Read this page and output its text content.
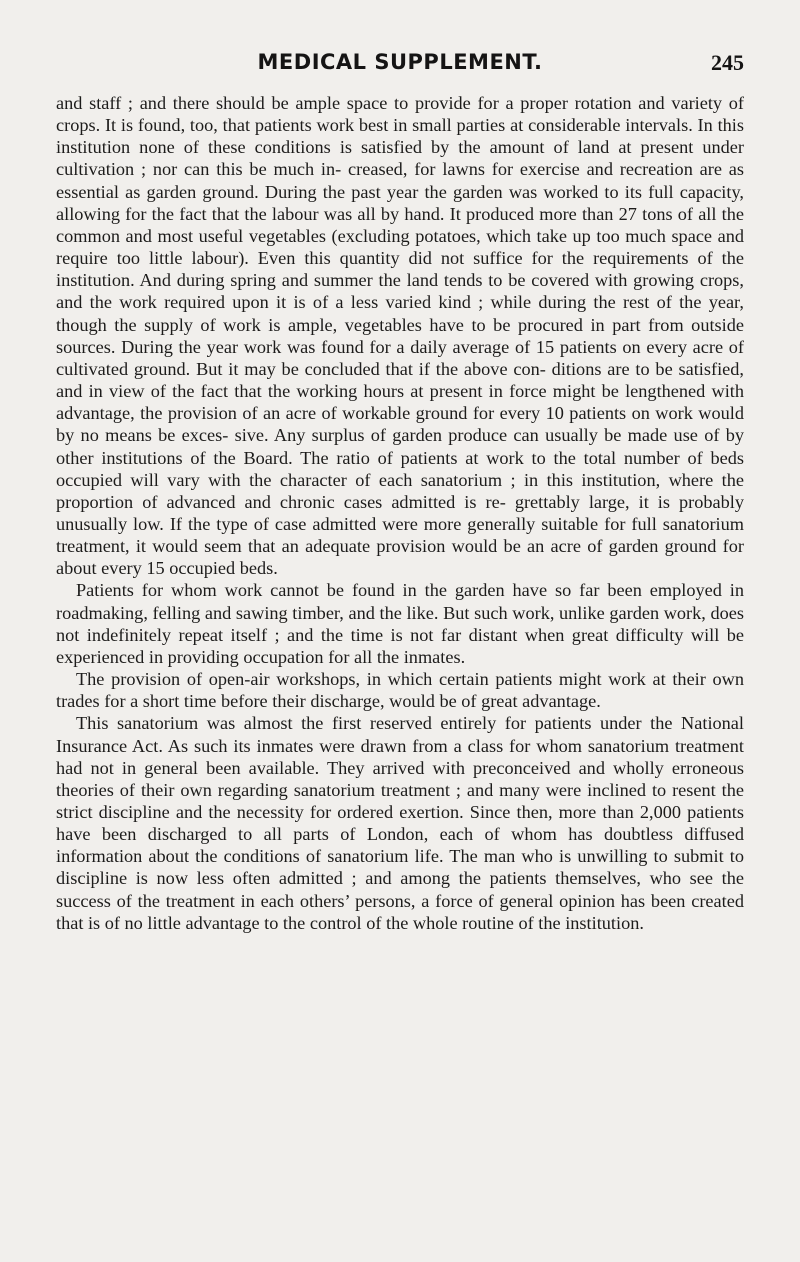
MEDICAL SUPPLEMENT.	245

and staff ; and there should be ample space to provide for a proper rotation and variety of crops. It is found, too, that patients work best in small parties at considerable intervals. In this institution none of these conditions is satisfied by the amount of land at present under cultivation ; nor can this be much in- creased, for lawns for exercise and recreation are as essential as garden ground. During the past year the garden was worked to its full capacity, allowing for the fact that the labour was all by hand. It produced more than 27 tons of all the common and most useful vegetables (excluding potatoes, which take up too much space and require too little labour). Even this quantity did not suffice for the requirements of the institution. And during spring and summer the land tends to be covered with growing crops, and the work required upon it is of a less varied kind ; while during the rest of the year, though the supply of work is ample, vegetables have to be procured in part from outside sources. During the year work was found for a daily average of 15 patients on every acre of cultivated ground. But it may be concluded that if the above con- ditions are to be satisfied, and in view of the fact that the working hours at present in force might be lengthened with advantage, the provision of an acre of workable ground for every 10 patients on work would by no means be exces- sive. Any surplus of garden produce can usually be made use of by other institutions of the Board. The ratio of patients at work to the total number of beds occupied will vary with the character of each sanatorium ; in this institution, where the proportion of advanced and chronic cases admitted is re- grettably large, it is probably unusually low. If the type of case admitted were more generally suitable for full sanatorium treatment, it would seem that an adequate provision would be an acre of garden ground for about every 15 occupied beds.

Patients for whom work cannot be found in the garden have so far been employed in roadmaking, felling and sawing timber, and the like. But such work, unlike garden work, does not indefinitely repeat itself ; and the time is not far distant when great difficulty will be experienced in providing occupation for all the inmates.

The provision of open-air workshops, in which certain patients might work at their own trades for a short time before their discharge, would be of great advantage.

This sanatorium was almost the first reserved entirely for patients under the National Insurance Act. As such its inmates were drawn from a class for whom sanatorium treatment had not in general been available. They arrived with preconceived and wholly erroneous theories of their own regarding sanatorium treatment ; and many were inclined to resent the strict discipline and the necessity for ordered exertion. Since then, more than 2,000 patients have been discharged to all parts of London, each of whom has doubtless diffused information about the conditions of sanatorium life. The man who is unwilling to submit to discipline is now less often admitted ; and among the patients themselves, who see the success of the treatment in each others’ persons, a force of general opinion has been created that is of no little advantage to the control of the whole routine of the institution.
